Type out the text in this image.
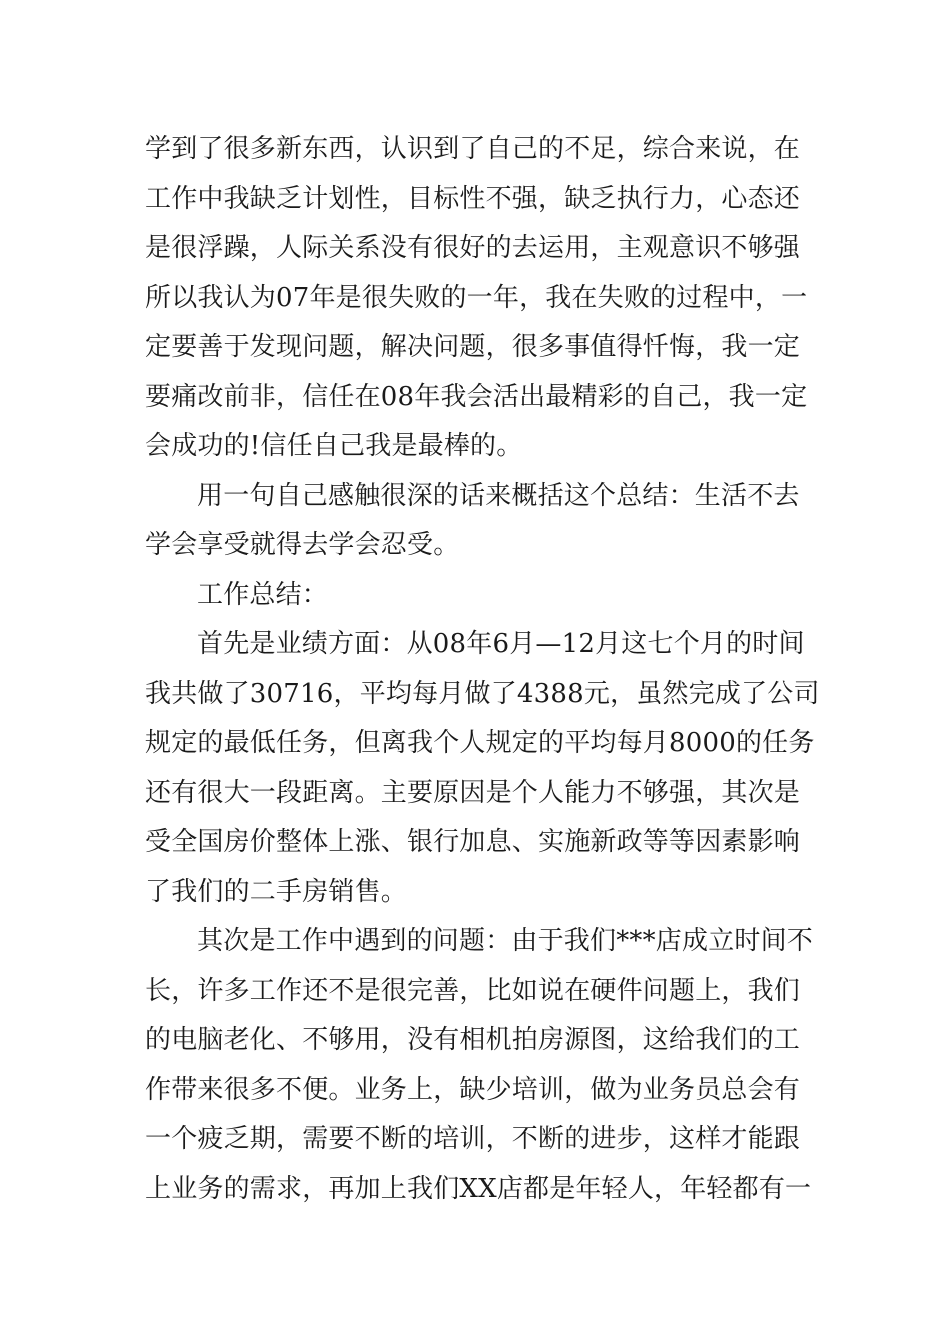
学到了很多新东西，认识到了自己的不足，综合来说，在
工作中我缺乏计划性，目标性不强，缺乏执行力，心态还
是很浮躁，人际关系没有很好的去运用，主观意识不够强
所以我认为07年是很失败的一年，我在失败的过程中，一
定要善于发现问题，解决问题，很多事值得忏悔，我一定
要痛改前非，信任在08年我会活出最精彩的自己，我一定
会成功的!信任自己我是最棒的。
用一句自己感触很深的话来概括这个总结：生活不去
学会享受就得去学会忍受。
工作总结：
首先是业绩方面：从08年6月—12月这七个月的时间
我共做了30716，平均每月做了4388元，虽然完成了公司
规定的最低任务，但离我个人规定的平均每月8000的任务
还有很大一段距离。主要原因是个人能力不够强，其次是
受全国房价整体上涨、银行加息、实施新政等等因素影响
了我们的二手房销售。
其次是工作中遇到的问题：由于我们***店成立时间不
长，许多工作还不是很完善，比如说在硬件问题上，我们
的电脑老化、不够用，没有相机拍房源图，这给我们的工
作带来很多不便。业务上，缺少培训，做为业务员总会有
一个疲乏期，需要不断的培训，不断的进步，这样才能跟
上业务的需求，再加上我们XX店都是年轻人，年轻都有一
